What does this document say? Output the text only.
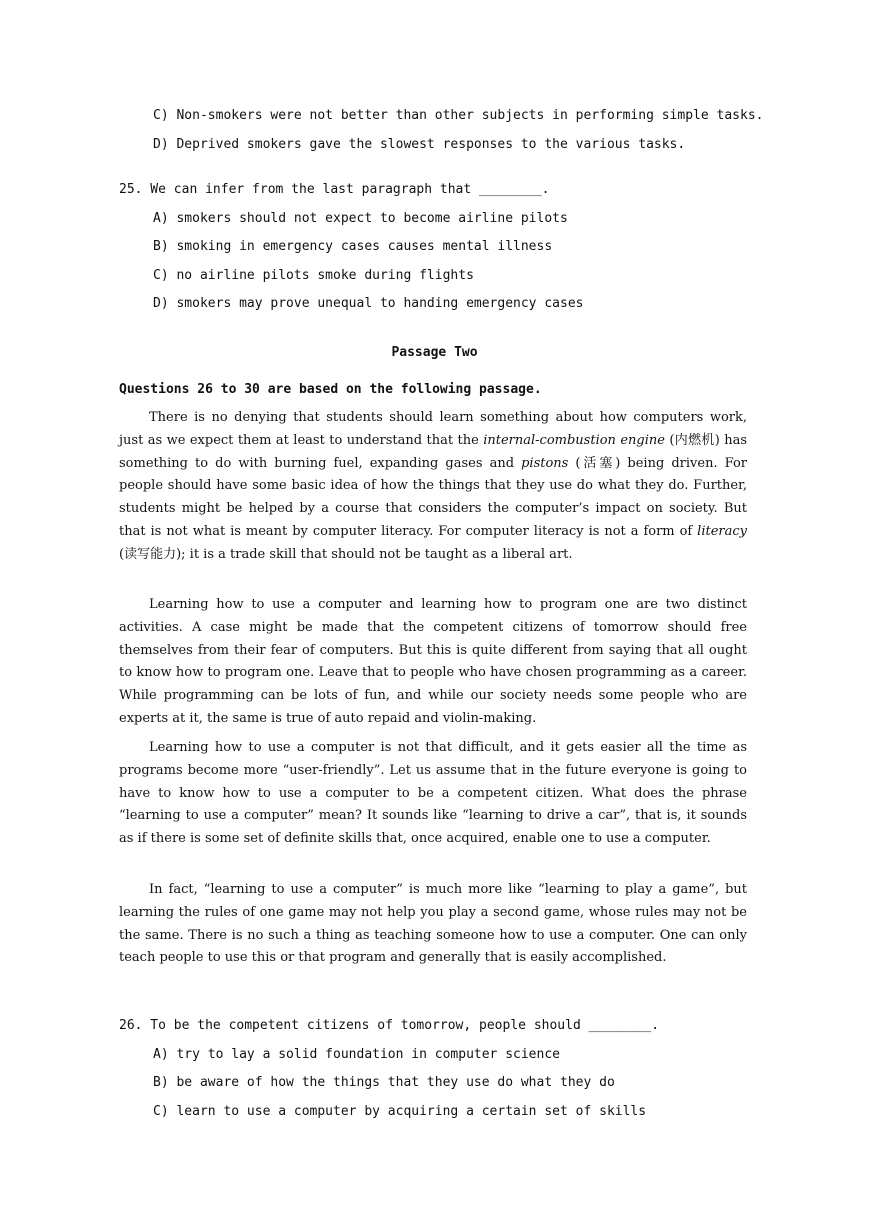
C) Non-smokers were not better than other subjects in performing simple tasks.
D) Deprived smokers gave the slowest responses to the various tasks.
25. We can infer from the last paragraph that ________.
A) smokers should not expect to become airline pilots
B) smoking in emergency cases causes mental illness
C) no airline pilots smoke during flights
D) smokers may prove unequal to handing emergency cases
Passage Two
Questions 26 to 30 are based on the following passage.
There is no denying that students should learn something about how computers work, just as we expect them at least to understand that the internal-combustion engine (内燃机) has something to do with burning fuel, expanding gases and pistons (活塞) being driven. For people should have some basic idea of how the things that they use do what they do. Further, students might be helped by a course that considers the computer’s impact on society. But that is not what is meant by computer literacy. For computer literacy is not a form of literacy (读写能力); it is a trade skill that should not be taught as a liberal art.
Learning how to use a computer and learning how to program one are two distinct activities. A case might be made that the competent citizens of tomorrow should free themselves from their fear of computers. But this is quite different from saying that all ought to know how to program one. Leave that to people who have chosen programming as a career. While programming can be lots of fun, and while our society needs some people who are experts at it, the same is true of auto repaid and violin-making.
Learning how to use a computer is not that difficult, and it gets easier all the time as programs become more “user-friendly”. Let us assume that in the future everyone is going to have to know how to use a computer to be a competent citizen. What does the phrase “learning to use a computer” mean? It sounds like “learning to drive a car”, that is, it sounds as if there is some set of definite skills that, once acquired, enable one to use a computer.
In fact, “learning to use a computer” is much more like “learning to play a game”, but learning the rules of one game may not help you play a second game, whose rules may not be the same. There is no such a thing as teaching someone how to use a computer. One can only teach people to use this or that program and generally that is easily accomplished.
26. To be the competent citizens of tomorrow, people should ________.
A) try to lay a solid foundation in computer science
B) be aware of how the things that they use do what they do
C) learn to use a computer by acquiring a certain set of skills
